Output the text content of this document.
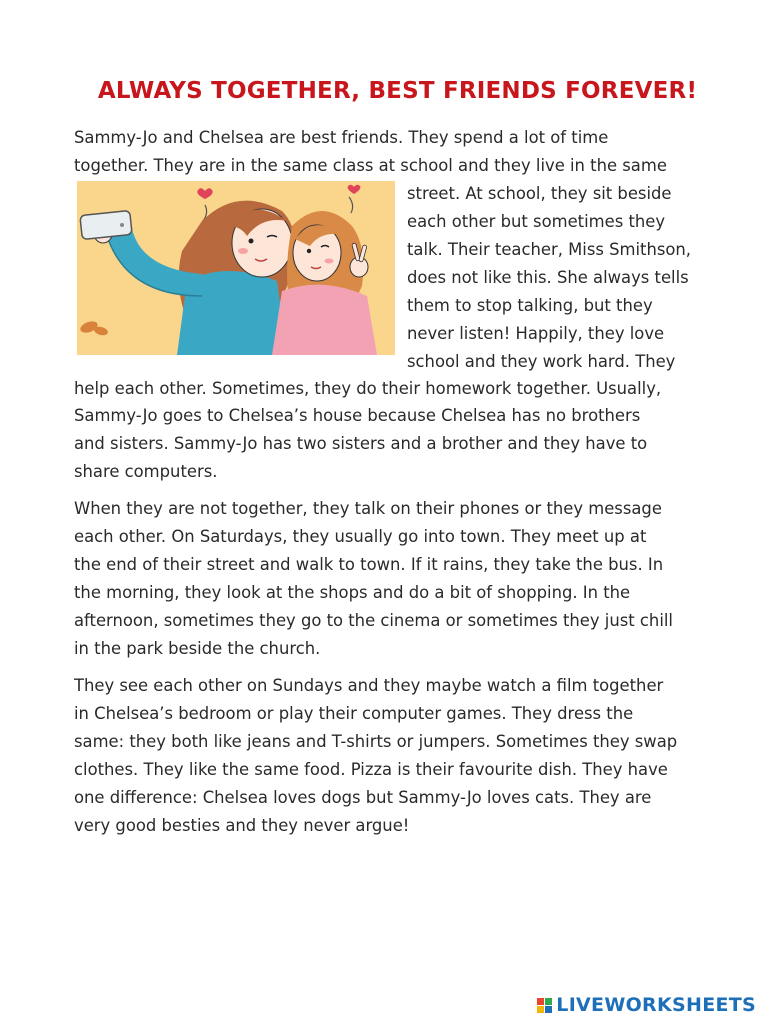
ALWAYS TOGETHER, BEST FRIENDS FOREVER!
Sammy-Jo and Chelsea are best friends. They spend a lot of time
together. They are in the same class at school and they live in the same
street. At school, they sit beside
each other but sometimes they
talk. Their teacher, Miss Smithson,
does not like this. She always tells
them to stop talking, but they
never listen! Happily, they love
school and they work hard. They
help each other. Sometimes, they do their homework together. Usually,
Sammy-Jo goes to Chelsea’s house because Chelsea has no brothers
and sisters. Sammy-Jo has two sisters and a brother and they have to
share computers.
When they are not together, they talk on their phones or they message
each other. On Saturdays, they usually go into town. They meet up at
the end of their street and walk to town. If it rains, they take the bus. In
the morning, they look at the shops and do a bit of shopping. In the
afternoon, sometimes they go to the cinema or sometimes they just chill
in the park beside the church.
They see each other on Sundays and they maybe watch a film together
in Chelsea’s bedroom or play their computer games. They dress the
same: they both like jeans and T-shirts or jumpers. Sometimes they swap
clothes. They like the same food. Pizza is their favourite dish. They have
one difference: Chelsea loves dogs but Sammy-Jo loves cats. They are
very good besties and they never argue!
LIVEWORKSHEETS
